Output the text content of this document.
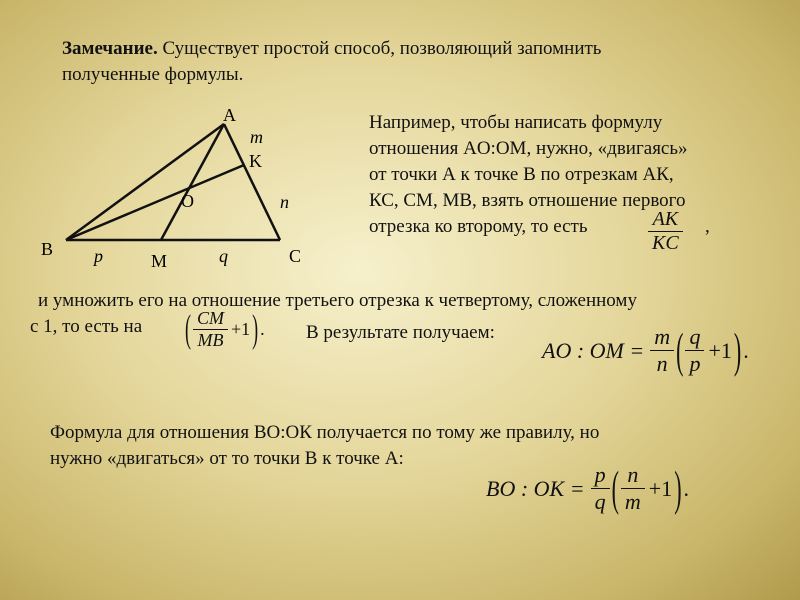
Замечание. Существует простой способ, позволяющий запомнить
полученные формулы.
A
B	C
K
M
O
m
n
p	q
Например, чтобы написать формулу
отношения AO:OM, нужно, «двигаясь»
от точки А к точке В по отрезкам АК,
КС, СМ, МВ, взять отношение первого
отрезка ко второму, то есть	$\frac{AK}{KC}$ ,
и умножить его на отношение третьего отрезка к четвертому, сложенному
с 1, то есть на ( $\frac{CM}{MB} +1$ ) . В результате получаем:
AO : OM = $\frac{m}{n}$ ( $\frac{q}{p} +1$ ) .
Формула для отношения ВО:ОК получается по тому же правилу, но
нужно «двигаться» от то точки В к точке А:
BO : OK = $\frac{p}{q}$ ( $\frac{n}{m} +1$ ) .
